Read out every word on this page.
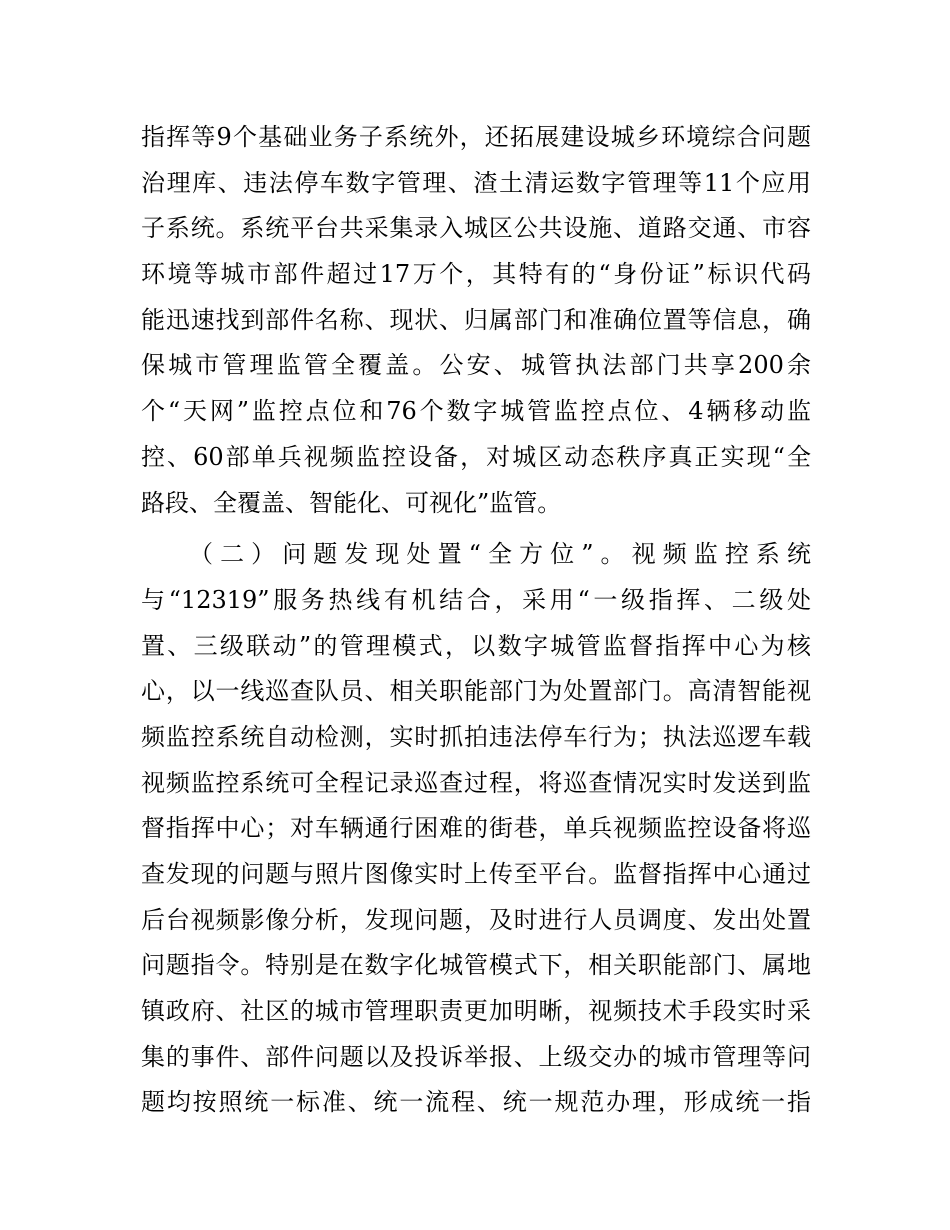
指挥等9个基础业务子系统外，还拓展建设城乡环境综合问题
治理库、违法停车数字管理、渣土清运数字管理等11个应用
子系统。系统平台共采集录入城区公共设施、道路交通、市容
环境等城市部件超过17万个，其特有的“身份证”标识代码
能迅速找到部件名称、现状、归属部门和准确位置等信息，确
保城市管理监管全覆盖。公安、城管执法部门共享200余
个“天网”监控点位和76个数字城管监控点位、4辆移动监
控、60部单兵视频监控设备，对城区动态秩序真正实现“全
路段、全覆盖、智能化、可视化”监管。
（二）问题发现处置“全方位”。视频监控系统
与“12319”服务热线有机结合，采用“一级指挥、二级处
置、三级联动”的管理模式，以数字城管监督指挥中心为核
心，以一线巡查队员、相关职能部门为处置部门。高清智能视
频监控系统自动检测，实时抓拍违法停车行为；执法巡逻车载
视频监控系统可全程记录巡查过程，将巡查情况实时发送到监
督指挥中心；对车辆通行困难的街巷，单兵视频监控设备将巡
查发现的问题与照片图像实时上传至平台。监督指挥中心通过
后台视频影像分析，发现问题，及时进行人员调度、发出处置
问题指令。特别是在数字化城管模式下，相关职能部门、属地
镇政府、社区的城市管理职责更加明晰，视频技术手段实时采
集的事件、部件问题以及投诉举报、上级交办的城市管理等问
题均按照统一标准、统一流程、统一规范办理，形成统一指
